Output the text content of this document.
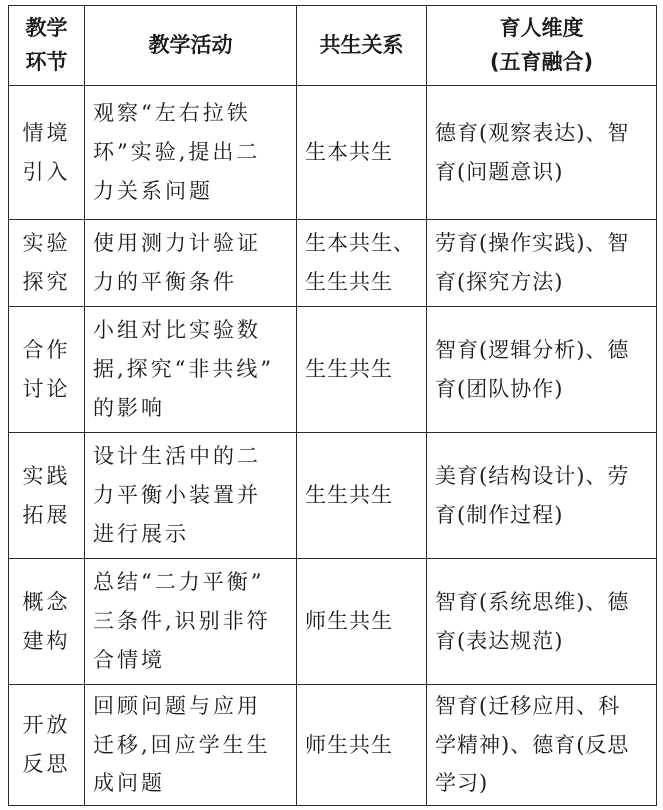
教学
环节	教学活动	共生关系	育人维度
(五育融合)

情境
引入	观察“左右拉铁
环”实验,提出二
力关系问题	生本共生	德育(观察表达)、智
育(问题意识)

实验
探究	使用测力计验证
力的平衡条件	生本共生、
生生共生	劳育(操作实践)、智
育(探究方法)

合作
讨论	小组对比实验数
据,探究“非共线”
的影响	生生共生	智育(逻辑分析)、德
育(团队协作)

实践
拓展	设计生活中的二
力平衡小装置并
进行展示	生生共生	美育(结构设计)、劳
育(制作过程)

概念
建构	总结“二力平衡”
三条件,识别非符
合情境	师生共生	智育(系统思维)、德
育(表达规范)

开放
反思	回顾问题与应用
迁移,回应学生生
成问题	师生共生	智育(迁移应用、科
学精神)、德育(反思
学习)
